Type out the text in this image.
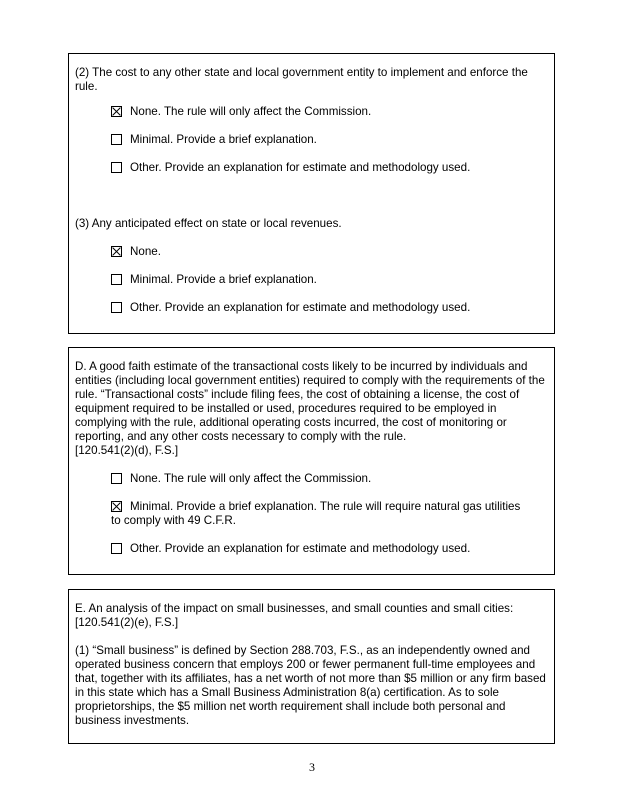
(2) The cost to any other state and local government entity to implement and enforce the rule.

None. The rule will only affect the Commission.
Minimal. Provide a brief explanation.
Other. Provide an explanation for estimate and methodology used.

(3) Any anticipated effect on state or local revenues.

None.
Minimal. Provide a brief explanation.
Other. Provide an explanation for estimate and methodology used.

D. A good faith estimate of the transactional costs likely to be incurred by individuals and entities (including local government entities) required to comply with the requirements of the rule. “Transactional costs” include filing fees, the cost of obtaining a license, the cost of equipment required to be installed or used, procedures required to be employed in complying with the rule, additional operating costs incurred, the cost of monitoring or reporting, and any other costs necessary to comply with the rule.

[120.541(2)(d), F.S.]

None. The rule will only affect the Commission.
Minimal. Provide a brief explanation. The rule will require natural gas utilities

to comply with 49 C.F.R.

Other. Provide an explanation for estimate and methodology used.

E. An analysis of the impact on small businesses, and small counties and small cities:

[120.541(2)(e), F.S.]

(1) “Small business” is defined by Section 288.703, F.S., as an independently owned and operated business concern that employs 200 or fewer permanent full-time employees and that, together with its affiliates, has a net worth of not more than $5 million or any firm based in this state which has a Small Business Administration 8(a) certification. As to sole proprietorships, the $5 million net worth requirement shall include both personal and business investments.

3
